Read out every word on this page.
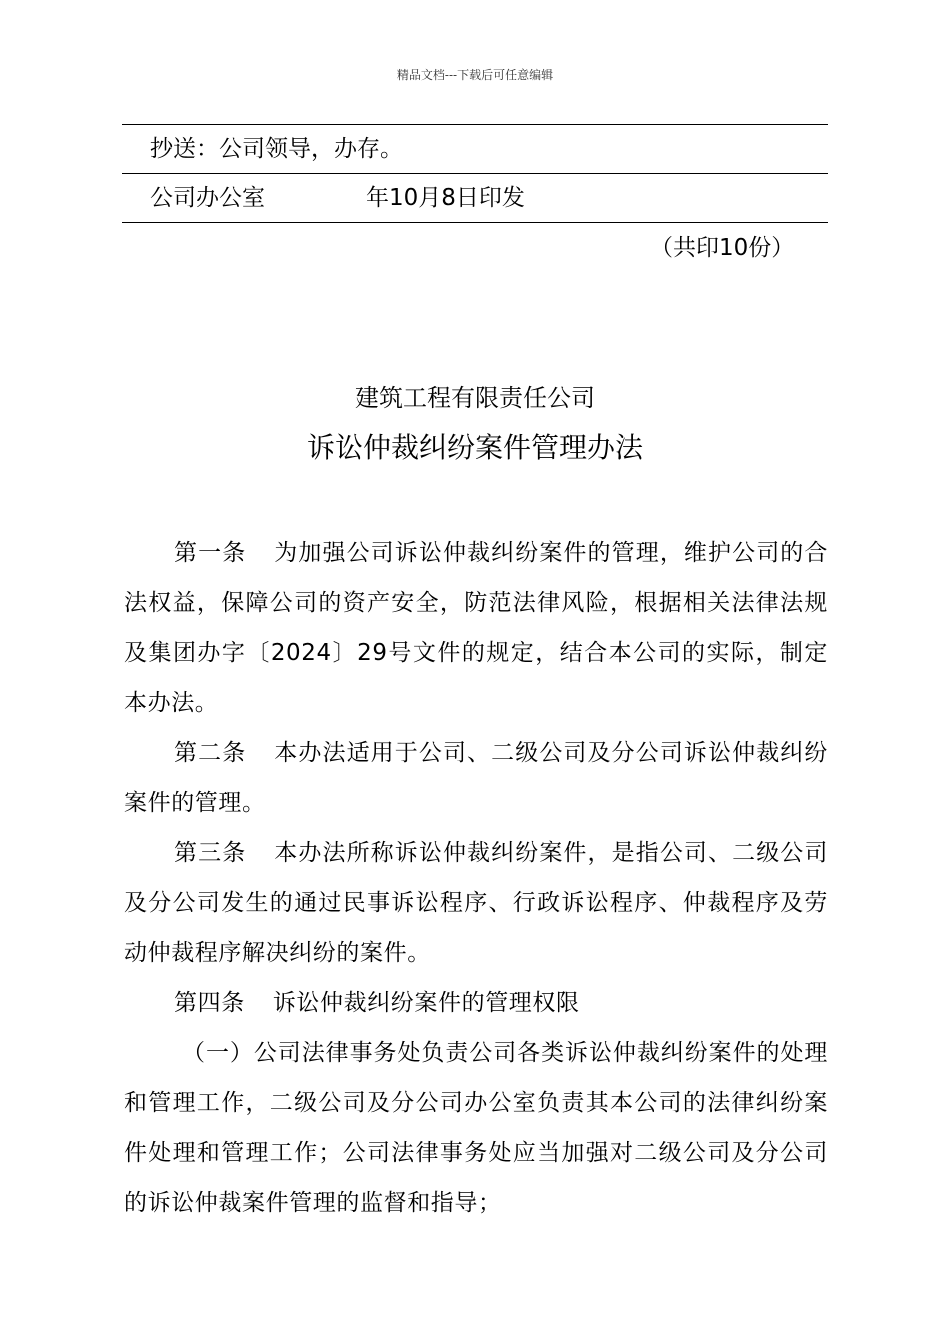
精品文档---下载后可任意编辑
抄送：公司领导，办存。
公司办公室	年10月8日印发
（共印10份）
建筑工程有限责任公司
诉讼仲裁纠纷案件管理办法

第一条 为加强公司诉讼仲裁纠纷案件的管理，维护公司的合法权益，保障公司的资产安全，防范法律风险，根据相关法律法规及集团办字〔2024〕29号文件的规定，结合本公司的实际，制定本办法。

第二条 本办法适用于公司、二级公司及分公司诉讼仲裁纠纷案件的管理。

第三条 本办法所称诉讼仲裁纠纷案件，是指公司、二级公司及分公司发生的通过民事诉讼程序、行政诉讼程序、仲裁程序及劳动仲裁程序解决纠纷的案件。

第四条 诉讼仲裁纠纷案件的管理权限

（一）公司法律事务处负责公司各类诉讼仲裁纠纷案件的处理和管理工作，二级公司及分公司办公室负责其本公司的法律纠纷案件处理和管理工作；公司法律事务处应当加强对二级公司及分公司的诉讼仲裁案件管理的监督和指导；
